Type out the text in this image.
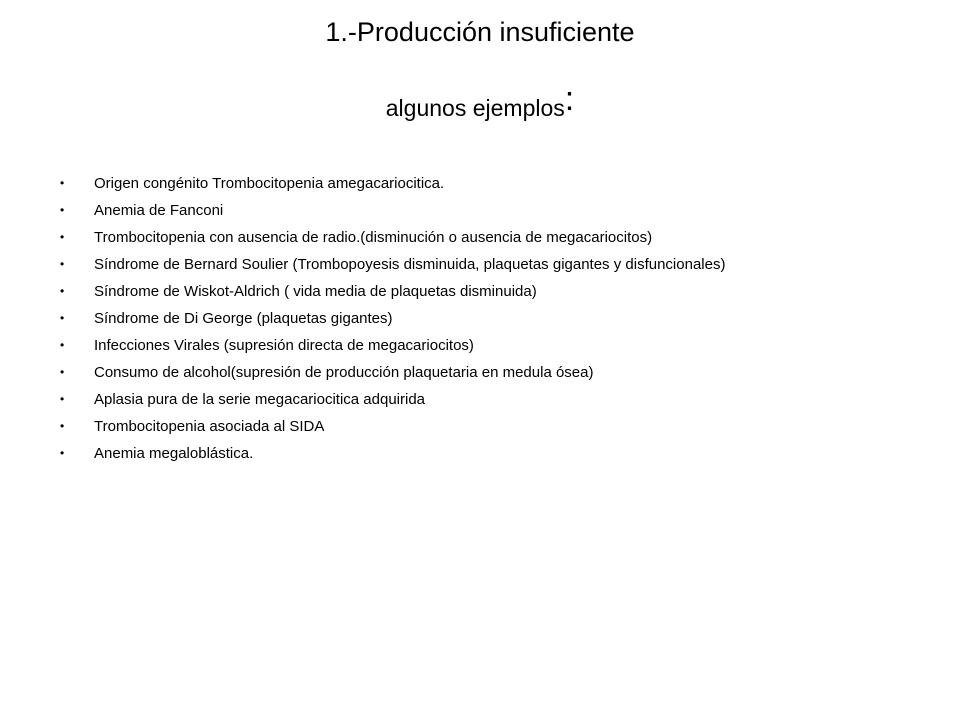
1.-Producción insuficiente
algunos ejemplos:
•	Origen congénito Trombocitopenia amegacariocitica.
•	Anemia de Fanconi
•	Trombocitopenia con ausencia de radio.(disminución o ausencia de megacariocitos)
•	Síndrome de Bernard Soulier (Trombopoyesis disminuida, plaquetas gigantes y disfuncionales)
•	Síndrome de Wiskot-Aldrich ( vida media de plaquetas disminuida)
•	Síndrome de Di George (plaquetas gigantes)
•	Infecciones Virales (supresión directa de megacariocitos)
•	Consumo de alcohol(supresión de producción plaquetaria en medula ósea)
•	Aplasia pura de la serie megacariocitica adquirida
•	Trombocitopenia asociada al SIDA
•	Anemia megaloblástica.
